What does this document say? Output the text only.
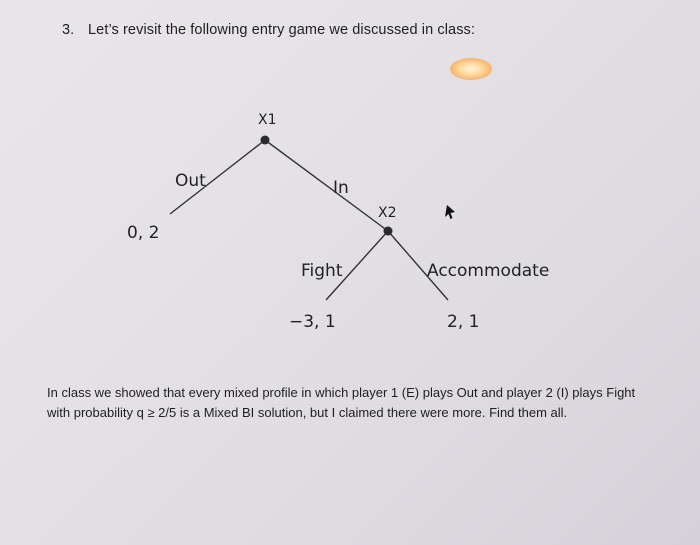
3. Let’s revisit the following entry game we discussed in class:
X1
X2
Out	In
Fight	Accommodate
0, 2
−3, 1	2, 1

In class we showed that every mixed profile in which player 1 (E) plays Out and player 2 (I) plays Fight

with probability q ≥ 2/5 is a Mixed BI solution, but I claimed there were more. Find them all.
